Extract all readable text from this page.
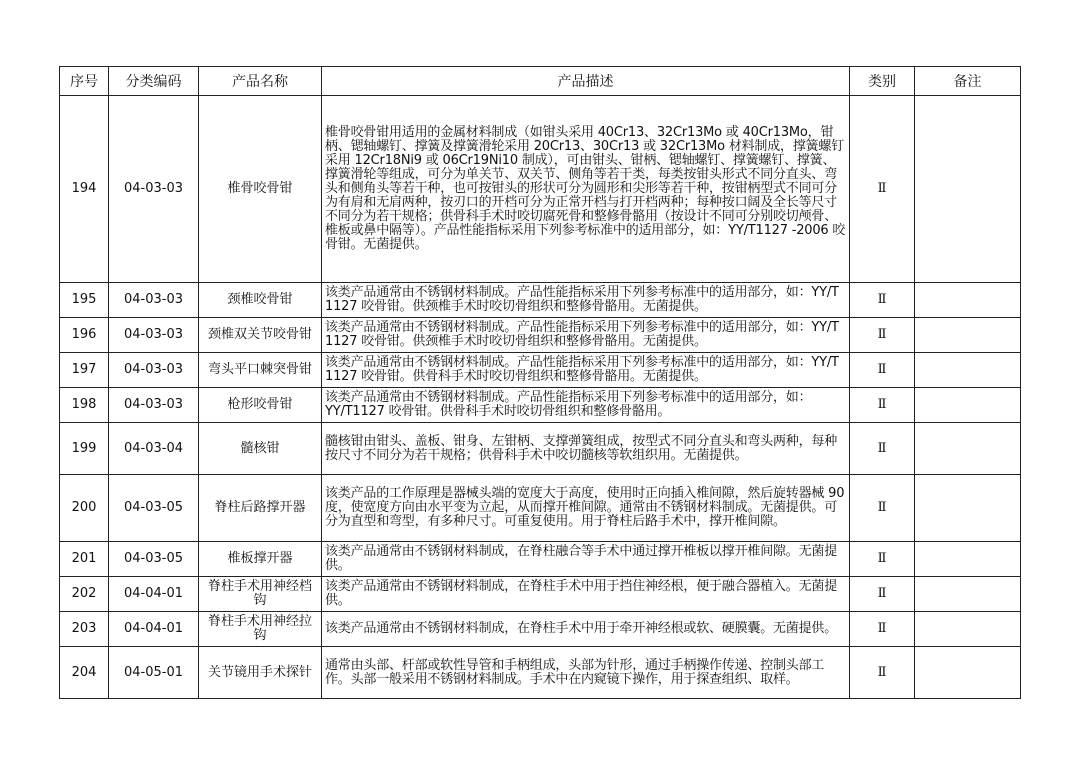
序号	分类编码	产品名称	产品描述	类别	备注
194	04-03-03	椎骨咬骨钳	椎骨咬骨钳用适用的金属材料制成（如钳头采用 40Cr13、32Cr13Mo 或 40Cr13Mo，钳柄、锶轴螺钉、撑簧及撑簧滑轮采用 20Cr13、30Cr13 或 32Cr13Mo 材料制成，撑簧螺钉采用 12Cr18Ni9 或 06Cr19Ni10 制成），可由钳头、钳柄、锶轴螺钉、撑簧螺钉、撑簧、撑簧滑轮等组成，可分为单关节、双关节、侧角等若干类，每类按钳头形式不同分直头、弯头和侧角头等若干种，也可按钳头的形状可分为圆形和尖形等若干种，按钳柄型式不同可分为有肩和无肩两种，按刃口的开档可分为正常开档与打开档两种；每种按口阔及全长等尺寸不同分为若干规格；供骨科手术时咬切腐死骨和整修骨骼用（按设计不同可分别咬切颅骨、椎板或鼻中隔等）。产品性能指标采用下列参考标准中的适用部分，如：YY/T1127 -2006 咬骨钳。无菌提供。	Ⅱ	
195	04-03-03	颈椎咬骨钳	该类产品通常由不锈钢材料制成。产品性能指标采用下列参考标准中的适用部分，如：YY/T 1127 咬骨钳。供颈椎手术时咬切骨组织和整修骨骼用。无菌提供。	Ⅱ	
196	04-03-03	颈椎双关节咬骨钳	该类产品通常由不锈钢材料制成。产品性能指标采用下列参考标准中的适用部分，如：YY/T 1127 咬骨钳。供颈椎手术时咬切骨组织和整修骨骼用。无菌提供。	Ⅱ	
197	04-03-03	弯头平口棘突骨钳	该类产品通常由不锈钢材料制成。产品性能指标采用下列参考标准中的适用部分，如：YY/T 1127 咬骨钳。供骨科手术时咬切骨组织和整修骨骼用。无菌提供。	Ⅱ	
198	04-03-03	枪形咬骨钳	该类产品通常由不锈钢材料制成。产品性能指标采用下列参考标准中的适用部分，如：YY/T1127 咬骨钳。供骨科手术时咬切骨组织和整修骨骼用。	Ⅱ	
199	04-03-04	髓核钳	髓核钳由钳头、盖板、钳身、左钳柄、支撑弹簧组成，按型式不同分直头和弯头两种，每种按尺寸不同分为若干规格；供骨科手术中咬切髓核等软组织用。无菌提供。	Ⅱ	
200	04-03-05	脊柱后路撑开器	该类产品的工作原理是器械头端的宽度大于高度，使用时正向插入椎间隙，然后旋转器械 90 度，使宽度方向由水平变为立起，从而撑开椎间隙。通常由不锈钢材料制成。无菌提供。可分为直型和弯型，有多种尺寸。可重复使用。用于脊柱后路手术中，撑开椎间隙。	Ⅱ	
201	04-03-05	椎板撑开器	该类产品通常由不锈钢材料制成，在脊柱融合等手术中通过撑开椎板以撑开椎间隙。无菌提供。	Ⅱ	
202	04-04-01	脊柱手术用神经档钩	该类产品通常由不锈钢材料制成，在脊柱手术中用于挡住神经根，便于融合器植入。无菌提供。	Ⅱ	
203	04-04-01	脊柱手术用神经拉钩	该类产品通常由不锈钢材料制成，在脊柱手术中用于牵开神经根或软、硬膜囊。无菌提供。	Ⅱ	
204	04-05-01	关节镜用手术探针	通常由头部、杆部或软性导管和手柄组成，头部为针形，通过手柄操作传递、控制头部工作。头部一般采用不锈钢材料制成。手术中在内窥镜下操作，用于探查组织、取样。	Ⅱ	
